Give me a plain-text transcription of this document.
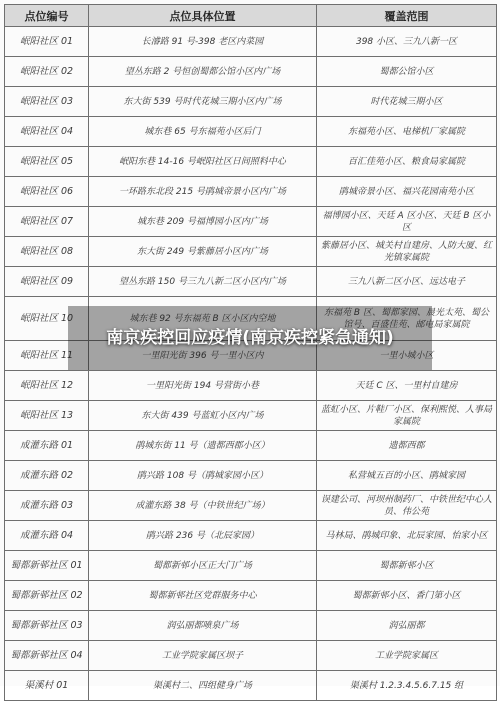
点位编号	点位具体位置	覆盖范围
岷阳社区 01	长濬路 91 号-398 老区内菜园	398 小区、三九八新一区
岷阳社区 02	望丛东路 2 号恒创蜀都公馆小区内广场	蜀都公馆小区
岷阳社区 03	东大街 539 号时代花城三期小区内广场	时代花城三期小区
岷阳社区 04	城东巷 65 号东福苑小区后门	东福苑小区、电梯机厂家属院
岷阳社区 05	岷阳东巷 14-16 号岷阳社区日间照料中心	百汇佳苑小区、粮食局家属院
岷阳社区 06	一环路东北段 215 号鹃城帝景小区内广场	鹃城帝景小区、福兴花园南苑小区
岷阳社区 07	城东巷 209 号福博园小区内广场	福博园小区、天廷 A 区小区、天廷 B 区小区
岷阳社区 08	东大街 249 号紫藤居小区内广场	紫藤居小区、城关村自建房、人防大厦、红光镇家属院
岷阳社区 09	望丛东路 150 号三九八新二区小区内广场	三九八新二区小区、远达电子
岷阳社区 10	城东巷 92 号东福苑 B 区小区内空地	东福苑 B 区、蜀都家园、晨光太苑、蜀公馆号、百盛佳苑、邮电局家属院
岷阳社区 11	一里阳光街 396 号一里小区内	一里小城小区
岷阳社区 12	一里阳光街 194 号营街小巷	天廷 C 区、一里村自建房
岷阳社区 13	东大街 439 号蓝虹小区内广场	蓝虹小区、片鞋厂小区、保利熙悦、人事局家属院
成灌东路 01	鹃城东街 11 号（遗都西郡小区）	遗都西郡
成灌东路 02	鹃兴路 108 号（鹃城家园小区）	私营城五百的小区、鹃城家园
成灌东路 03	成灌东路 38 号（中铁世纪广场）	误建公司、河坝州制药厂、中铁世纪中心人员、伟公苑
成灌东路 04	鹃兴路 236 号（北辰家园）	马林局、鹃城印象、北辰家园、怡家小区
蜀都新邨社区 01	蜀都新邨小区正大门广场	蜀都新邨小区
蜀都新邨社区 02	蜀都新邨社区党群服务中心	蜀都新邨小区、香门第小区
蜀都新邨社区 03	润弘丽都喷泉广场	润弘丽都
蜀都新邨社区 04	工业学院家属区坝子	工业学院家属区
渠溪村 01	渠溪村二、四组健身广场	渠溪村 1.2.3.4.5.6.7.15 组
南京疾控回应疫情(南京疾控紧急通知)
